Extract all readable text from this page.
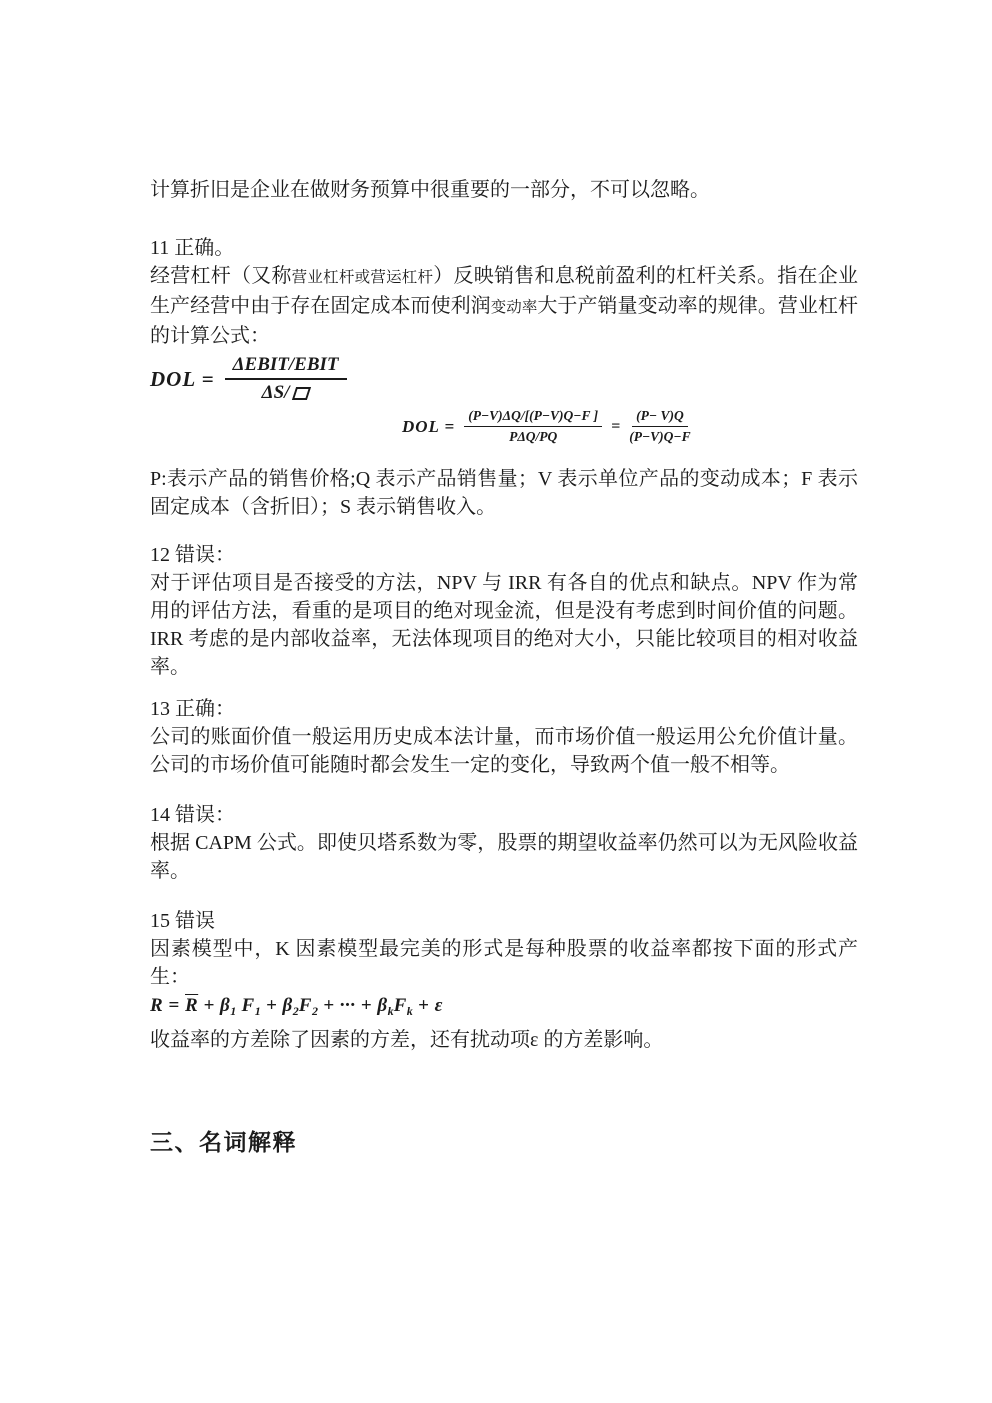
计算折旧是企业在做财务预算中很重要的一部分，不可以忽略。

11 正确。

经营杠杆（又称营业杠杆或营运杠杆）反映销售和息税前盈利的杠杆关系。指在企业生产经营中由于存在固定成本而使利润变动率大于产销量变动率的规律。营业杠杆的计算公式：

DOL = $\frac{\text{ΔEBIT/EBIT}}{\Delta S/}$
DOL = $\frac{(P-V)\Delta Q/[(P-V)Q-F ]}{\text{PΔQ/PQ}} = \frac{(P- V)Q}{(P-V)Q-F}$

P:表示产品的销售价格;Q 表示产品销售量；V 表示单位产品的变动成本；F 表示固定成本（含折旧）；S 表示销售收入。

12 错误：

对于评估项目是否接受的方法，NPV 与 IRR 有各自的优点和缺点。NPV 作为常用的评估方法，看重的是项目的绝对现金流，但是没有考虑到时间价值的问题。IRR 考虑的是内部收益率，无法体现项目的绝对大小，只能比较项目的相对收益率。

13 正确：

公司的账面价值一般运用历史成本法计量，而市场价值一般运用公允价值计量。公司的市场价值可能随时都会发生一定的变化，导致两个值一般不相等。

14 错误：

根据 CAPM 公式。即使贝塔系数为零，股票的期望收益率仍然可以为无风险收益率。

15 错误

因素模型中，K 因素模型最完美的形式是每种股票的收益率都按下面的形式产生：

$R = \overline{R} + \beta_1$ $F_1 + \beta_2F_2$ + ··· + $\beta_kF_k + \varepsilon$

收益率的方差除了因素的方差，还有扰动项ε 的方差影响。

三、名词解释
